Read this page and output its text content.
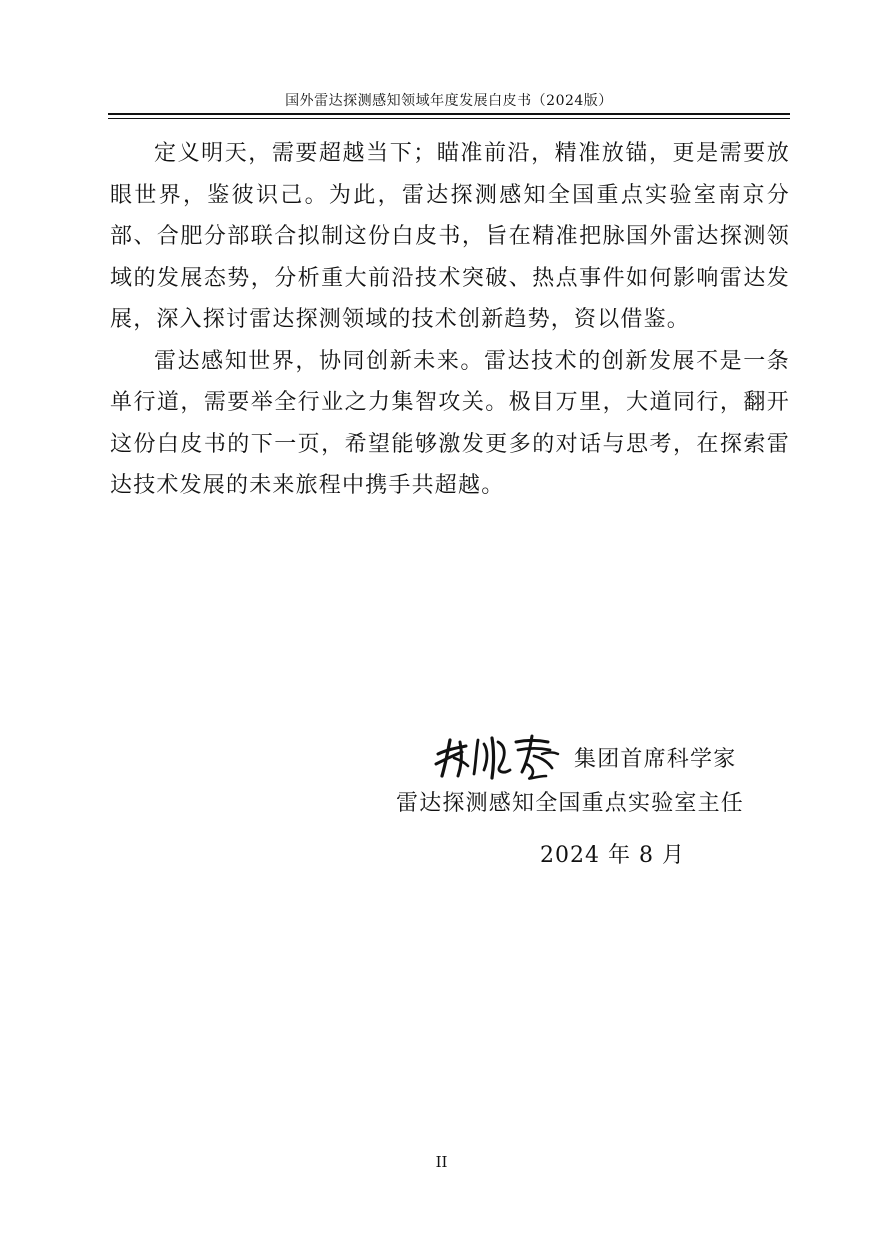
国外雷达探测感知领域年度发展白皮书（2024版）

定义明天，需要超越当下；瞄准前沿，精准放锚，更是需要放眼世界，鉴彼识己。为此，雷达探测感知全国重点实验室南京分部、合肥分部联合拟制这份白皮书，旨在精准把脉国外雷达探测领域的发展态势，分析重大前沿技术突破、热点事件如何影响雷达发展，深入探讨雷达探测领域的技术创新趋势，资以借鉴。

雷达感知世界，协同创新未来。雷达技术的创新发展不是一条单行道，需要举全行业之力集智攻关。极目万里，大道同行，翻开这份白皮书的下一页，希望能够激发更多的对话与思考，在探索雷达技术发展的未来旅程中携手共超越。

集团首席科学家
雷达探测感知全国重点实验室主任
2024 年 8 月
II
